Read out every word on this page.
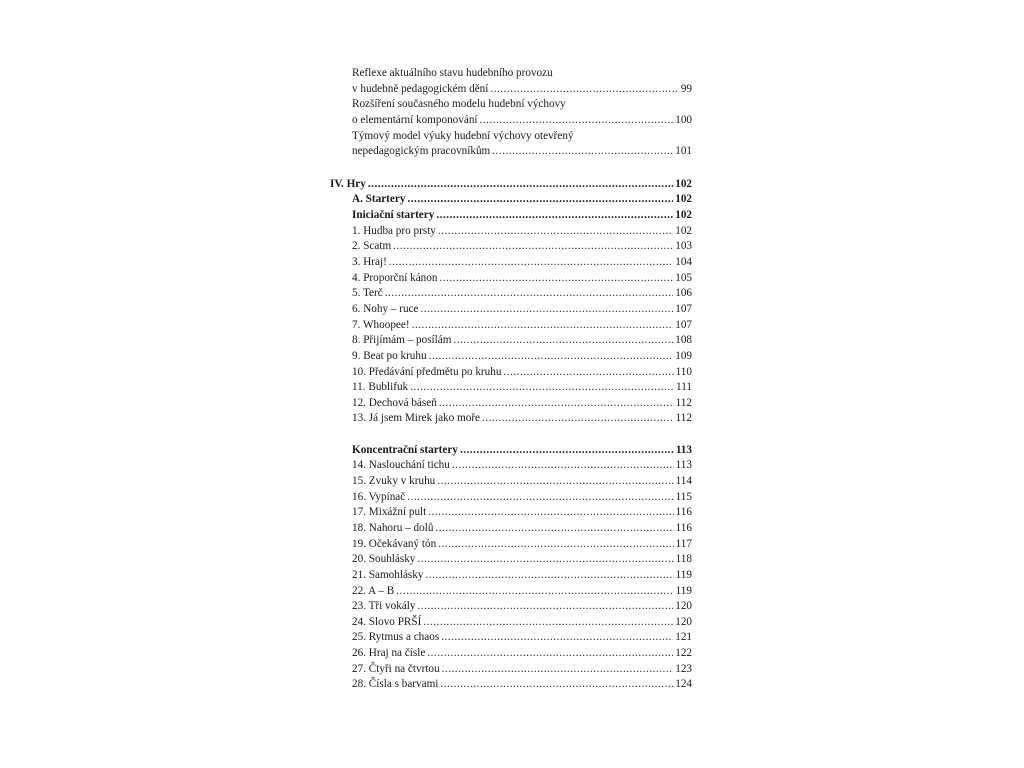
Reflexe aktuálního stavu hudebního provozu
v hudebně pedagogickém dění .....	99
Rozšíření současného modelu hudební výchovy
o elementární komponování .....	100
Týmový model výuky hudební výchovy otevřený
nepedagogickým pracovníkům .....	101
IV. Hry .....	102
A. Startery .....	102
Iniciační startery .....	102
1. Hudba pro prsty .....	102
2. Scatm .....	103
3. Hraj! .....	104
4. Proporční kánon .....	105
5. Terč .....	106
6. Nohy – ruce .....	107
7. Whoopee! .....	107
8. Přijímám – posílám .....	108
9. Beat po kruhu .....	109
10. Předávání předmětu po kruhu .....	110
11. Bublifuk .....	111
12. Dechová báseň .....	112
13. Já jsem Mirek jako moře .....	112
Koncentrační startery .....	113
14. Naslouchání tichu .....	113
15. Zvuky v kruhu .....	114
16. Vypínač .....	115
17. Mixážní pult .....	116
18. Nahoru – dolů .....	116
19. Očekávaný tón .....	117
20. Souhlásky .....	118
21. Samohlásky .....	119
22. A – B .....	119
23. Tři vokály .....	120
24. Slovo PRŠÍ .....	120
25. Rytmus a chaos .....	121
26. Hraj na čísle .....	122
27. Čtyři na čtvrtou .....	123
28. Čísla s barvami .....	124
